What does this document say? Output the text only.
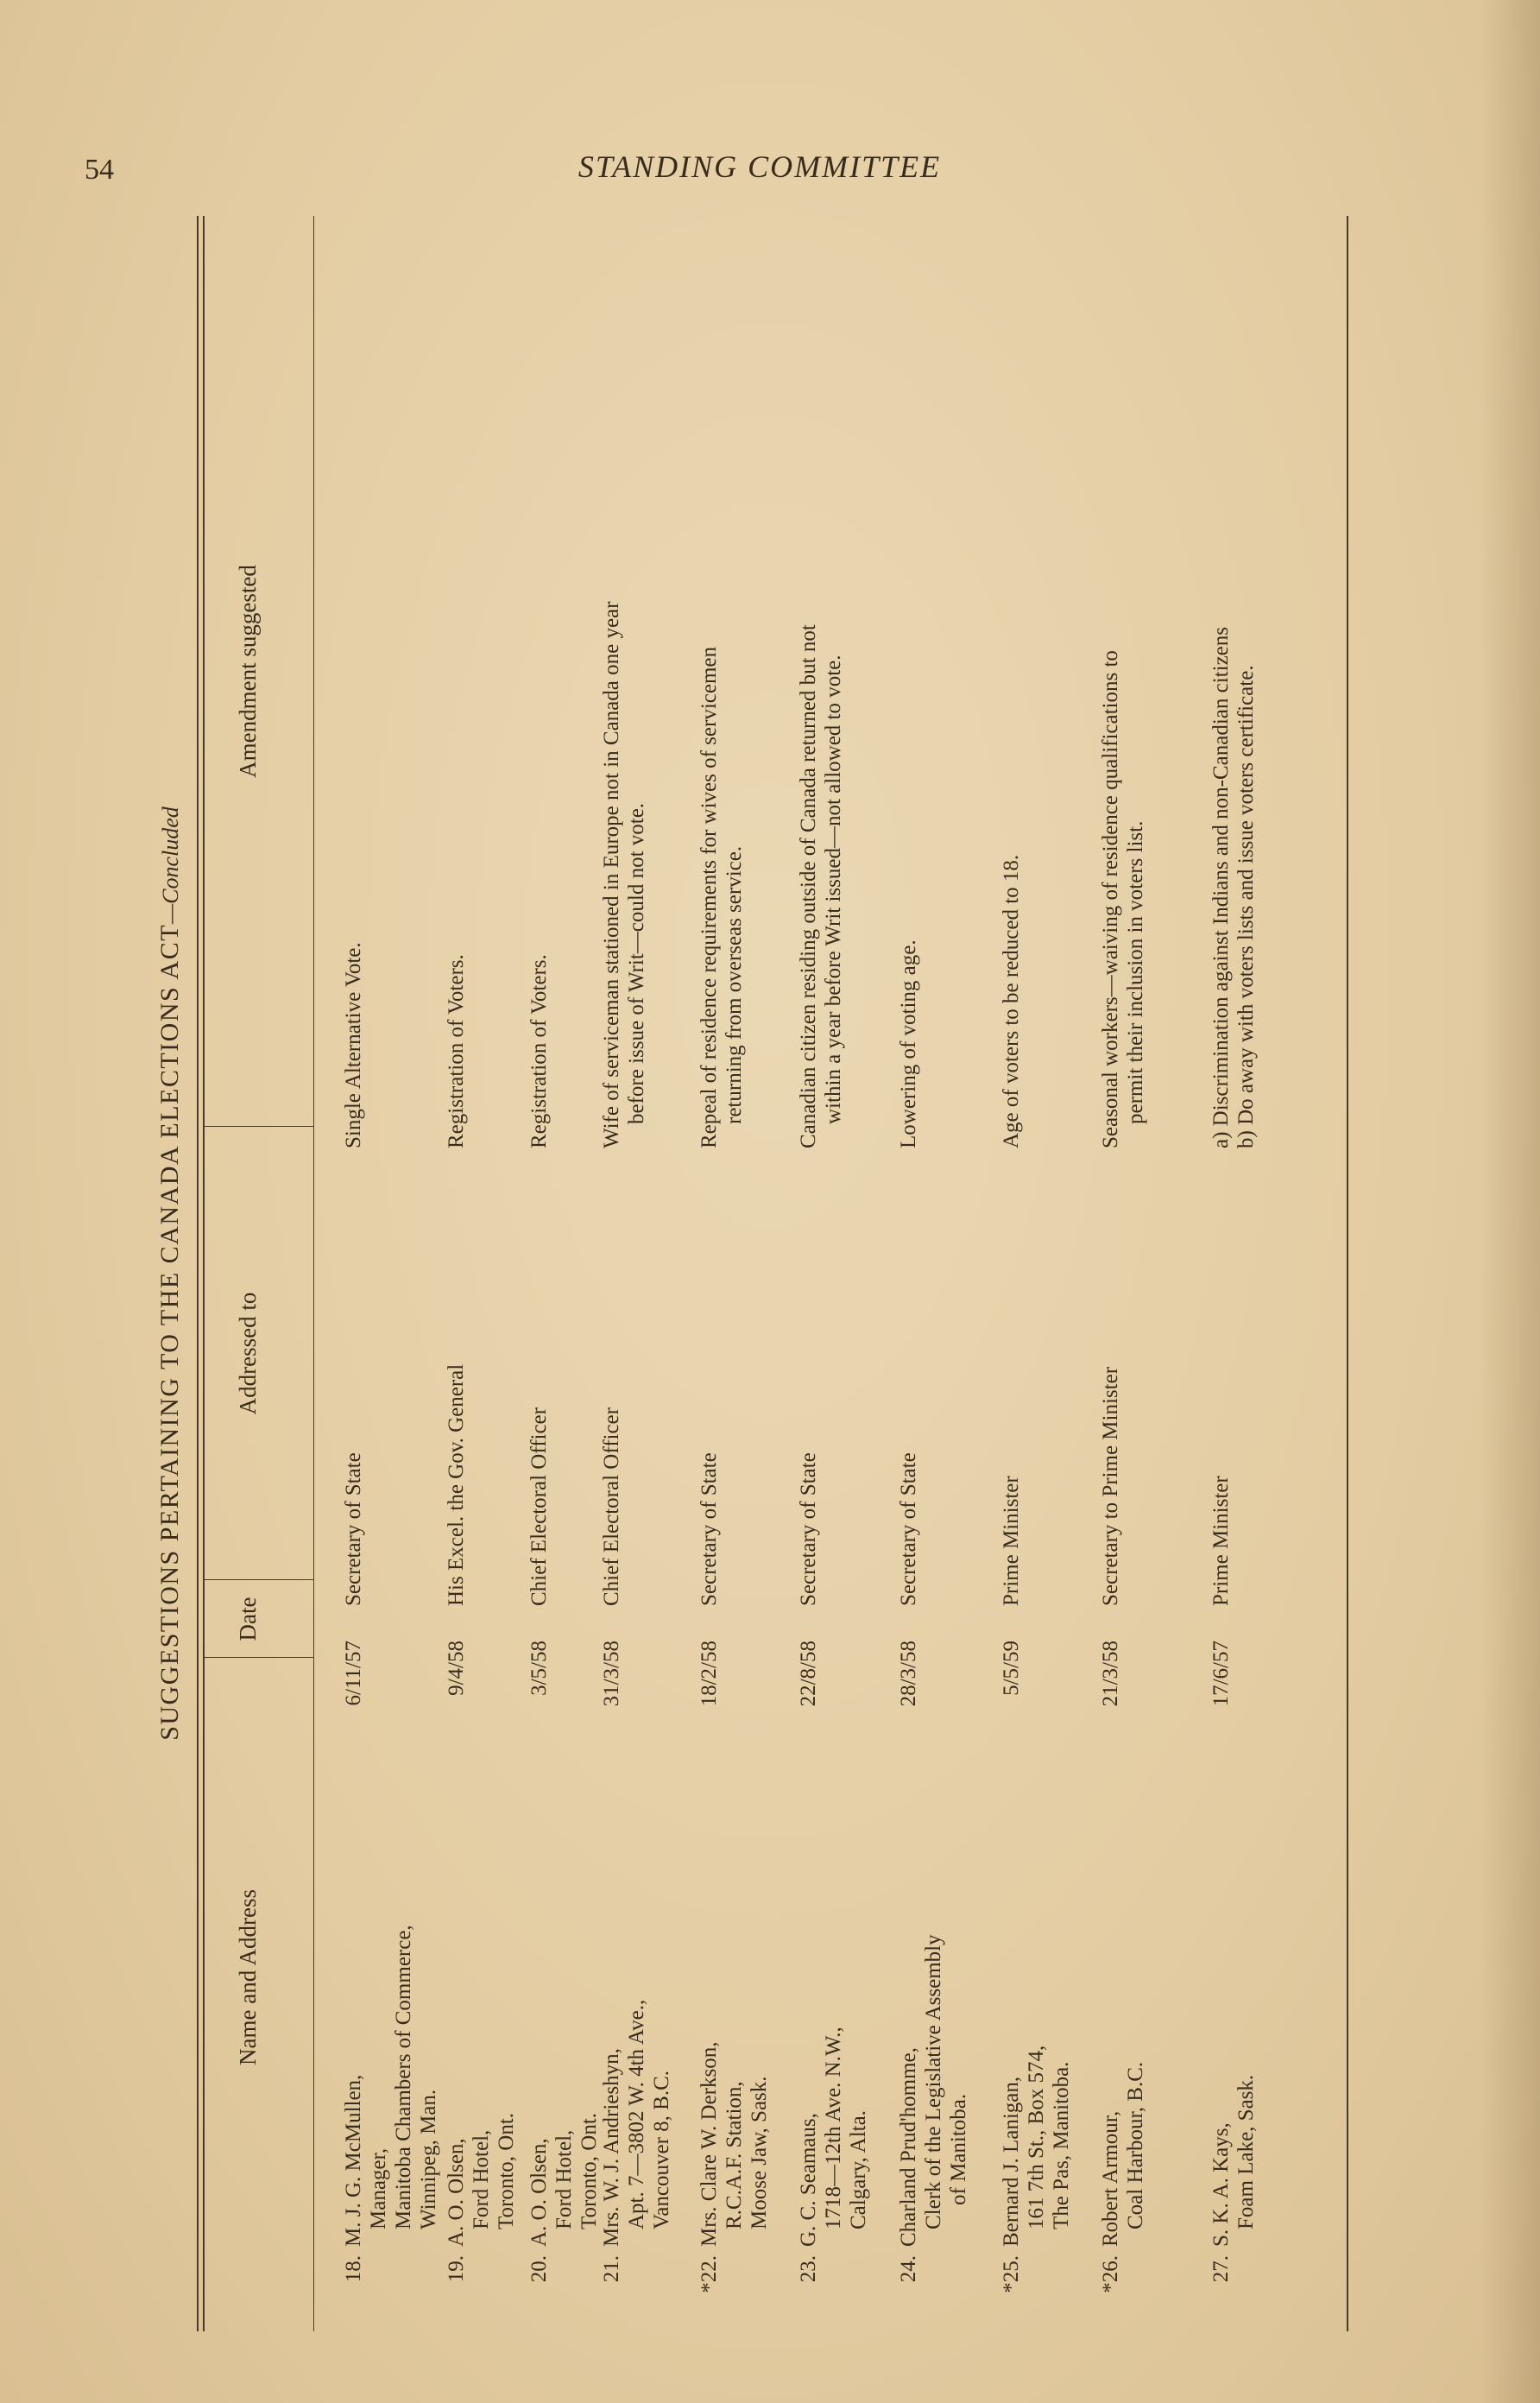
54	STANDING COMMITTEE
SUGGESTIONS PERTAINING TO THE CANADA ELECTIONS ACT—Concluded
Name and Address
Date
Addressed to
Amendment suggested
18.M. J. G. McMullen, Manager, Manitoba Chambers of Commerce, Winnipeg, Man.
6/11/57
Secretary of State
Single Alternative Vote.
19.A. O. Olsen, Ford Hotel, Toronto, Ont.
9/4/58
His Excel. the Gov. General
Registration of Voters.
20.A. O. Olsen, Ford Hotel, Toronto, Ont.
3/5/58
Chief Electoral Officer
Registration of Voters.
21.Mrs. W. J. Andrieshyn, Apt. 7—3802 W. 4th Ave., Vancouver 8, B.C.
31/3/58
Chief Electoral Officer
Wife of serviceman stationed in Europe not in Canada one year before issue of Writ—could not vote.
*22.Mrs. Clare W. Derkson, R.C.A.F. Station, Moose Jaw, Sask.
18/2/58
Secretary of State
Repeal of residence requirements for wives of servicemen returning from overseas service.
23.G. C. Seamaus, 1718—12th Ave. N.W., Calgary, Alta.
22/8/58
Secretary of State
Canadian citizen residing outside of Canada returned but not within a year before Writ issued—not allowed to vote.
24.Charland Prud'homme, Clerk of the Legislative Assembly of Manitoba.
28/3/58
Secretary of State
Lowering of voting age.
*25.Bernard J. Lanigan, 161 7th St., Box 574, The Pas, Manitoba.
5/5/59
Prime Minister
Age of voters to be reduced to 18.
*26.Robert Armour, Coal Harbour, B.C.
21/3/58
Secretary to Prime Minister
Seasonal workers—waiving of residence qualifications to permit their inclusion in voters list.
27.S. K. A. Kays, Foam Lake, Sask.
17/6/57
Prime Minister
a) Discrimination against Indians and non-Canadian citizens b) Do away with voters lists and issue voters certificate.
